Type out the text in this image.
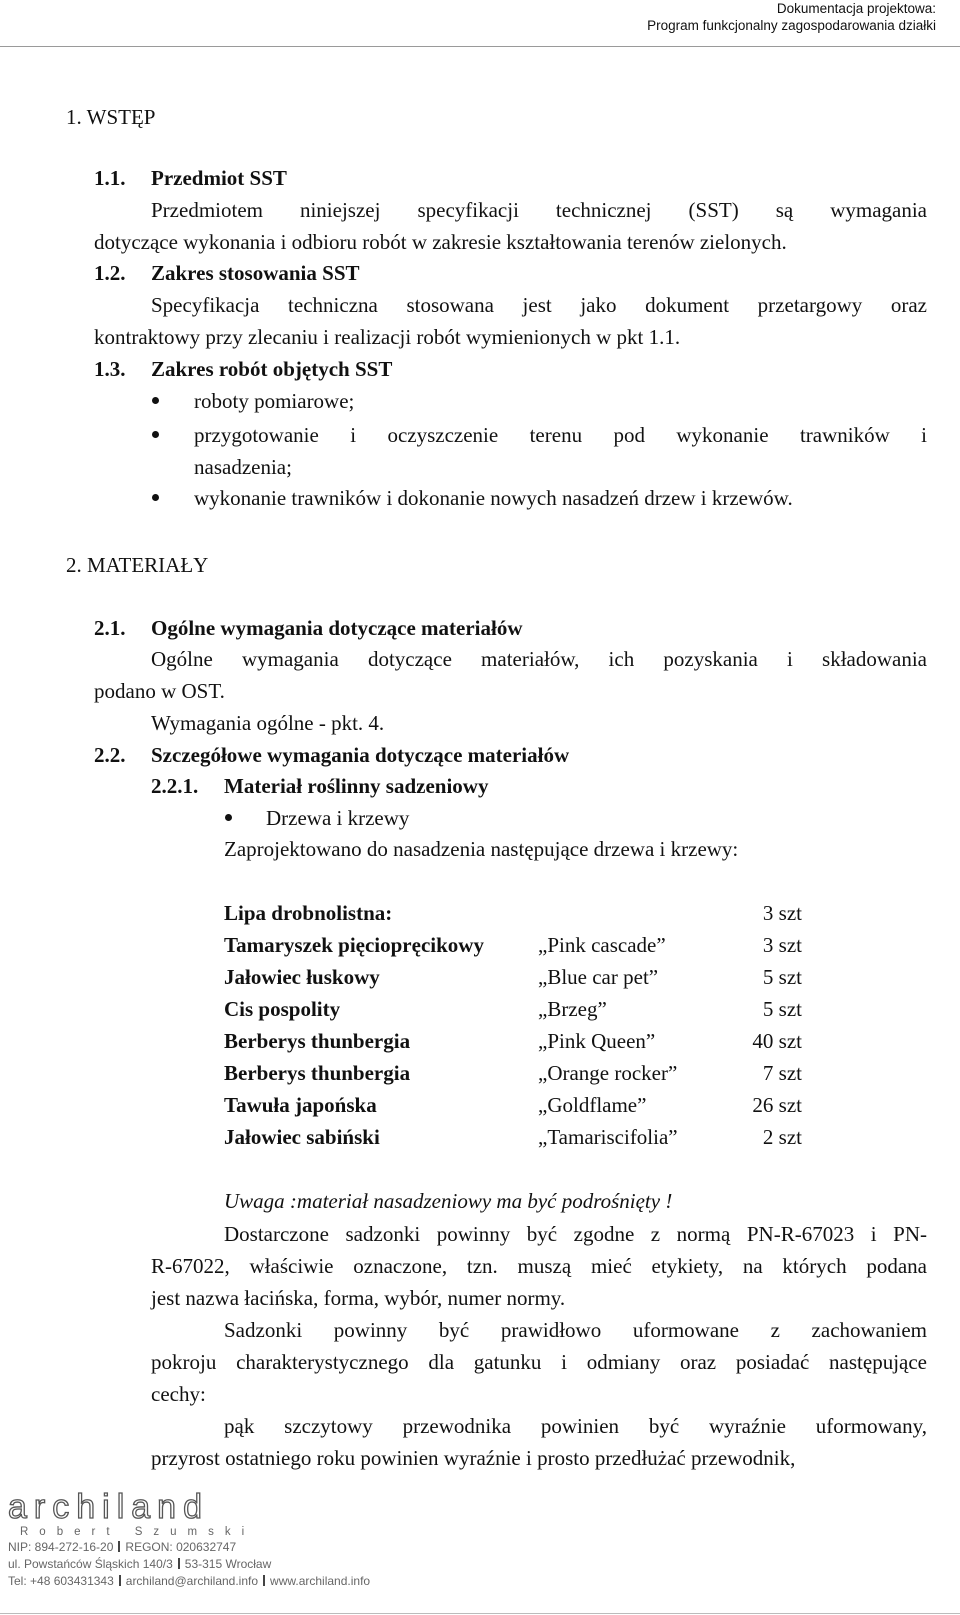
Dokumentacja projektowa:
Program funkcjonalny zagospodarowania działki
1. WSTĘP
1.1. Przedmiot SST
Przedmiotem niniejszej specyfikacji technicznej (SST) są wymagania
dotyczące wykonania i odbioru robót w zakresie kształtowania terenów zielonych.
1.2. Zakres stosowania SST
Specyfikacja techniczna stosowana jest jako dokument przetargowy oraz
kontraktowy przy zlecaniu i realizacji robót wymienionych w pkt 1.1.
1.3. Zakres robót objętych SST
roboty pomiarowe;
przygotowanie i oczyszczenie terenu pod wykonanie trawników i
nasadzenia;
wykonanie trawników i dokonanie nowych nasadzeń drzew i krzewów.
2. MATERIAŁY
2.1. Ogólne wymagania dotyczące materiałów
Ogólne wymagania dotyczące materiałów, ich pozyskania i składowania
podano w OST.
Wymagania ogólne - pkt. 4.
2.2. Szczegółowe wymagania dotyczące materiałów
2.2.1. Materiał roślinny sadzeniowy
Drzewa i krzewy
Zaprojektowano do nasadzenia następujące drzewa i krzewy:
Lipa drobnolistna:	3 szt
Tamaryszek pięciopręcikowy	„Pink cascade”	3 szt
Jałowiec łuskowy	„Blue car pet”	5 szt
Cis pospolity	„Brzeg”	5 szt
Berberys thunbergia	„Pink Queen”	40 szt
Berberys thunbergia	„Orange rocker”	7 szt
Tawuła japońska	„Goldflame”	26 szt
Jałowiec sabiński	„Tamariscifolia”	2 szt
Uwaga :materiał nasadzeniowy ma być podrośnięty !
Dostarczone sadzonki powinny być zgodne z normą PN-R-67023 i PN-
R-67022, właściwie oznaczone, tzn. muszą mieć etykiety, na których podana
jest nazwa łacińska, forma, wybór, numer normy.
Sadzonki powinny być prawidłowo uformowane z zachowaniem
pokroju charakterystycznego dla gatunku i odmiany oraz posiadać następujące
cechy:
pąk szczytowy przewodnika powinien być wyraźnie uformowany,
przyrost ostatniego roku powinien wyraźnie i prosto przedłużać przewodnik,
archiland
Robert Szumski
NIP: 894-272-16-20 REGON: 020632747
ul. Powstańców Śląskich 140/3 53-315 Wrocław
Tel: +48 603431343 archiland@archiland.info www.archiland.info
